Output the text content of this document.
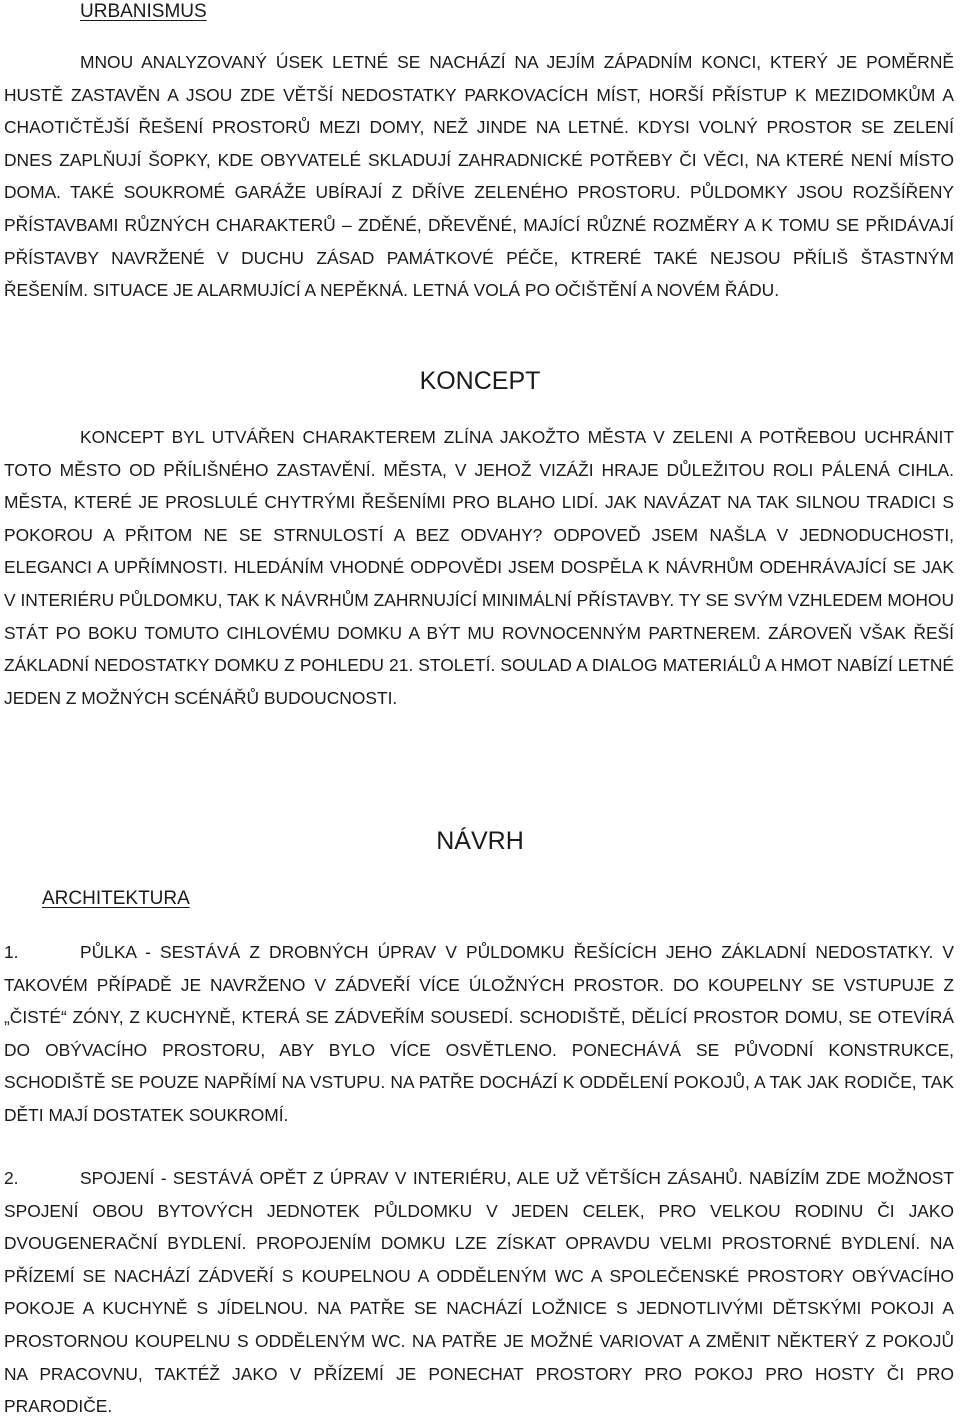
URBANISMUS
MNOU ANALYZOVANÝ ÚSEK LETNÉ SE NACHÁZÍ NA JEJÍM ZÁPADNÍM KONCI, KTERÝ JE POMĚRNĚ HUSTĚ ZASTAVĚN A JSOU ZDE VĚTŠÍ NEDOSTATKY PARKOVACÍCH MÍST, HORŠÍ PŘÍSTUP K MEZIDOMKŮM A CHAOTIČTĚJŠÍ ŘEŠENÍ PROSTORŮ MEZI DOMY, NEŽ JINDE NA LETNÉ. KDYSI VOLNÝ PROSTOR SE ZELENÍ DNES ZAPLŇUJÍ ŠOPKY, KDE OBYVATELÉ SKLADUJÍ ZAHRADNICKÉ POTŘEBY ČI VĚCI, NA KTERÉ NENÍ MÍSTO DOMA. TAKÉ SOUKROMÉ GARÁŽE UBÍRAJÍ Z DŘÍVE ZELENÉHO PROSTORU. PŮLDOMKY JSOU ROZŠÍŘENY PŘÍSTAVBAMI RŮZNÝCH CHARAKTERŮ – ZDĚNÉ, DŘEVĚNÉ, MAJÍCÍ RŮZNÉ ROZMĚRY A K TOMU SE PŘIDÁVAJÍ PŘÍSTAVBY NAVRŽENÉ V DUCHU ZÁSAD PAMÁTKOVÉ PÉČE, KTRERÉ TAKÉ NEJSOU PŘÍLIŠ ŠTASTNÝM ŘEŠENÍM. SITUACE JE ALARMUJÍCÍ A NEPĚKNÁ. LETNÁ VOLÁ PO OČIŠTĚNÍ A NOVÉM ŘÁDU.
KONCEPT
KONCEPT BYL UTVÁŘEN CHARAKTEREM ZLÍNA JAKOŽTO MĚSTA V ZELENI A POTŘEBOU UCHRÁNIT TOTO MĚSTO OD PŘÍLIŠNÉHO ZASTAVĚNÍ. MĚSTA, V JEHOŽ VIZÁŽI HRAJE DŮLEŽITOU ROLI PÁLENÁ CIHLA. MĚSTA, KTERÉ JE PROSLULÉ CHYTRÝMI ŘEŠENÍMI PRO BLAHO LIDÍ. JAK NAVÁZAT NA TAK SILNOU TRADICI S POKOROU A PŘITOM NE SE STRNULOSTÍ A BEZ ODVAHY? ODPOVEĎ JSEM NAŠLA V JEDNODUCHOSTI, ELEGANCI A UPŘÍMNOSTI. HLEDÁNÍM VHODNÉ ODPOVĚDI JSEM DOSPĚLA K NÁVRHŮM ODEHRÁVAJÍCÍ SE JAK V INTERIÉRU PŮLDOMKU, TAK K NÁVRHŮM ZAHRNUJÍCÍ MINIMÁLNÍ PŘÍSTAVBY. TY SE SVÝM VZHLEDEM MOHOU STÁT PO BOKU TOMUTO CIHLOVÉMU DOMKU A BÝT MU ROVNOCENNÝM PARTNEREM. ZÁROVEŇ VŠAK ŘEŠÍ ZÁKLADNÍ NEDOSTATKY DOMKU Z POHLEDU 21. STOLETÍ. SOULAD A DIALOG MATERIÁLŮ A HMOT NABÍZÍ LETNÉ JEDEN Z MOŽNÝCH SCÉNÁŘŮ BUDOUCNOSTI.
NÁVRH
ARCHITEKTURA
1.	PŮLKA - SESTÁVÁ Z DROBNÝCH ÚPRAV V PŮLDOMKU ŘEŠÍCÍCH JEHO ZÁKLADNÍ NEDOSTATKY. V TAKOVÉM PŘÍPADĚ JE NAVRŽENO V ZÁDVEŘÍ VÍCE ÚLOŽNÝCH PROSTOR. DO KOUPELNY SE VSTUPUJE Z „ČISTÉ“ ZÓNY, Z KUCHYNĚ, KTERÁ SE ZÁDVEŘÍM SOUSEDÍ. SCHODIŠTĚ, DĚLÍCÍ PROSTOR DOMU, SE OTEVÍRÁ DO OBÝVACÍHO PROSTORU, ABY BYLO VÍCE OSVĚTLENO. PONECHÁVÁ SE PŮVODNÍ KONSTRUKCE, SCHODIŠTĚ SE POUZE NAPŘÍMÍ NA VSTUPU. NA PATŘE DOCHÁZÍ K ODDĚLENÍ POKOJŮ, A TAK JAK RODIČE, TAK DĚTI MAJÍ DOSTATEK SOUKROMÍ.
2.	SPOJENÍ - SESTÁVÁ OPĚT Z ÚPRAV V INTERIÉRU, ALE UŽ VĚTŠÍCH ZÁSAHŮ. NABÍZÍM ZDE MOŽNOST SPOJENÍ OBOU BYTOVÝCH JEDNOTEK PŮLDOMKU V JEDEN CELEK, PRO VELKOU RODINU ČI JAKO DVOUGENERAČNÍ BYDLENÍ. PROPOJENÍM DOMKU LZE ZÍSKAT OPRAVDU VELMI PROSTORNÉ BYDLENÍ. NA PŘÍZEMÍ SE NACHÁZÍ ZÁDVEŘÍ S KOUPELNOU A ODDĚLENÝM WC A SPOLEČENSKÉ PROSTORY OBÝVACÍHO POKOJE A KUCHYNĚ S JÍDELNOU. NA PATŘE SE NACHÁZÍ LOŽNICE S JEDNOTLIVÝMI DĚTSKÝMI POKOJI A PROSTORNOU KOUPELNU S ODDĚLENÝM WC. NA PATŘE JE MOŽNÉ VARIOVAT A ZMĚNIT NĚKTERÝ Z POKOJŮ NA PRACOVNU, TAKTÉŽ JAKO V PŘÍZEMÍ JE PONECHAT PROSTORY PRO POKOJ PRO HOSTY ČI PRO PRARODIČE.
